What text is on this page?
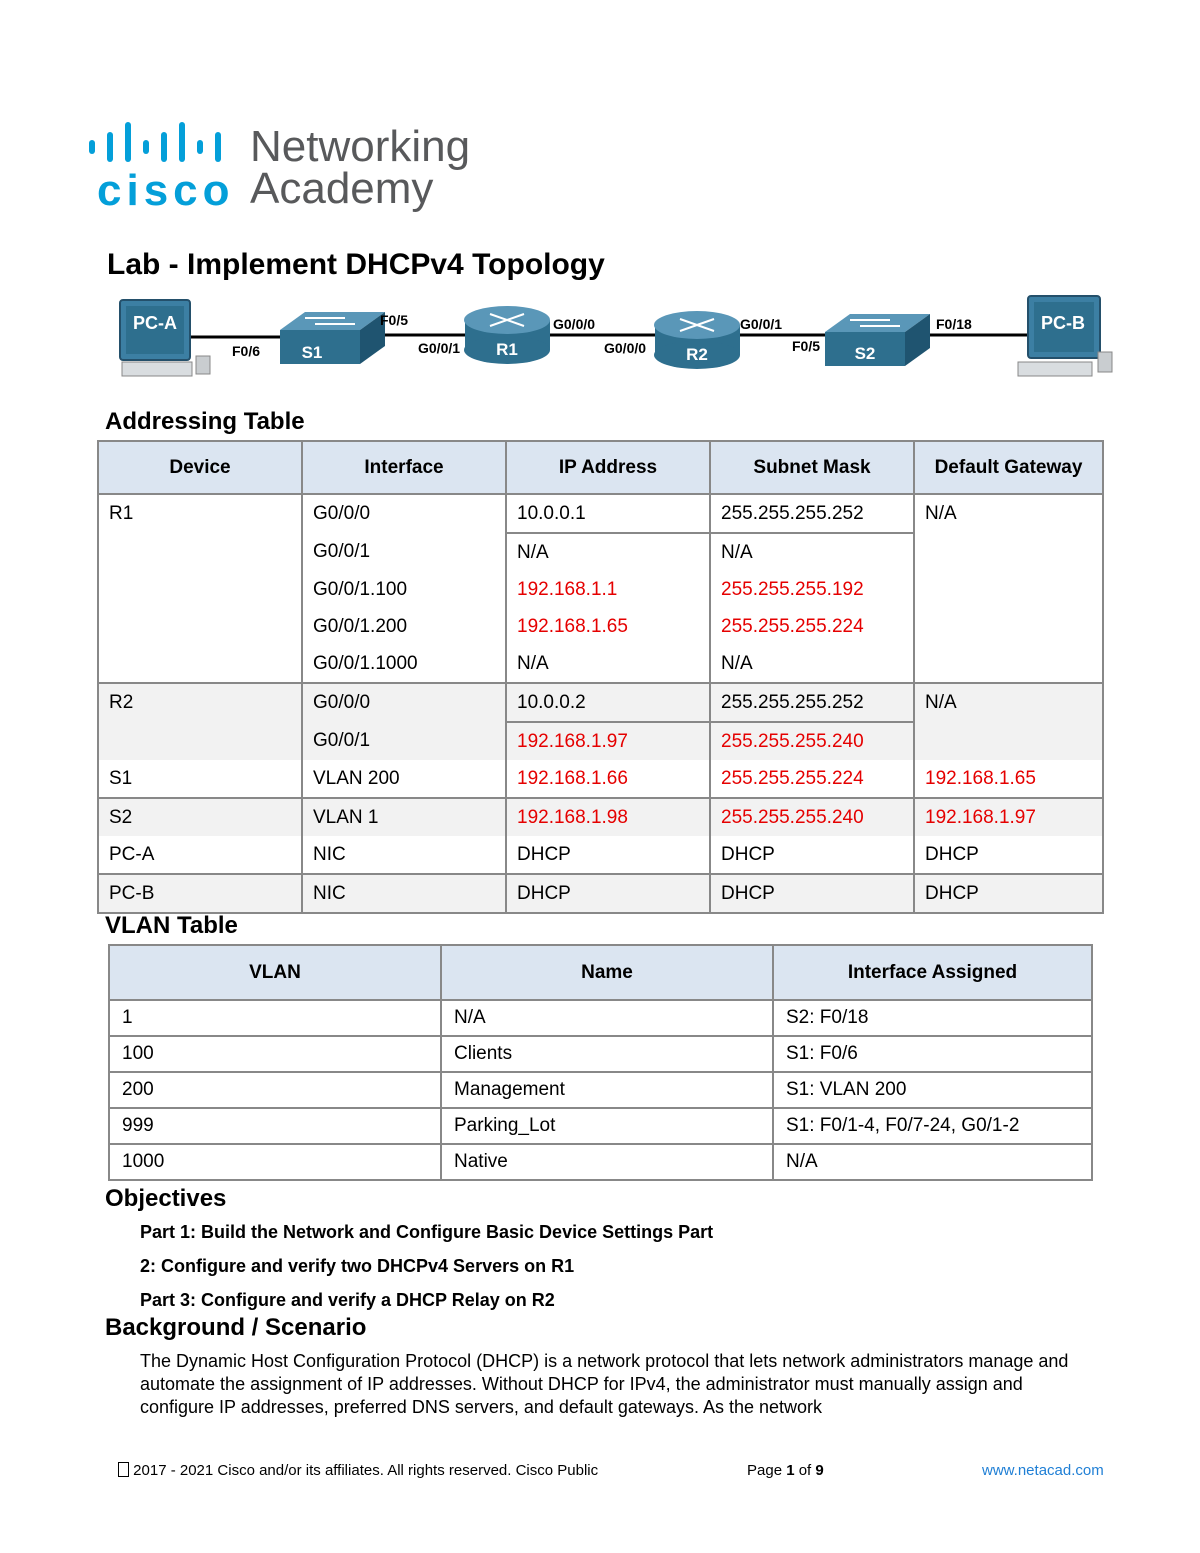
cisco
Networking
Academy
Lab - Implement DHCPv4 Topology
PC-A
S1	R1	R2	S2
PC-B
F0/6
F0/5
G0/0/1
G0/0/0
G0/0/0
G0/0/1
F0/5
F0/18
Addressing Table
Device	Interface	IP Address	Subnet Mask	Default Gateway
R1	G0/0/0	10.0.0.1	255.255.255.252	N/A
	G0/0/1	N/A	N/A	
	G0/0/1.100	192.168.1.1	255.255.255.192	
	G0/0/1.200	192.168.1.65	255.255.255.224	
	G0/0/1.1000	N/A	N/A	
R2	G0/0/0	10.0.0.2	255.255.255.252	N/A
	G0/0/1	192.168.1.97	255.255.255.240	
S1	VLAN 200	192.168.1.66	255.255.255.224	192.168.1.65
S2	VLAN 1	192.168.1.98	255.255.255.240	192.168.1.97
PC-A	NIC	DHCP	DHCP	DHCP
PC-B	NIC	DHCP	DHCP	DHCP
VLAN Table
VLAN	Name	Interface Assigned
1	N/A	S2: F0/18
100	Clients	S1: F0/6
200	Management	S1: VLAN 200
999	Parking_Lot	S1: F0/1-4, F0/7-24, G0/1-2
1000	Native	N/A
Objectives

Part 1: Build the Network and Configure Basic Device Settings Part

2: Configure and verify two DHCPv4 Servers on R1

Part 3: Configure and verify a DHCP Relay on R2

Background / Scenario

The Dynamic Host Configuration Protocol (DHCP) is a network protocol that lets network administrators manage and automate the assignment of IP addresses. Without DHCP for IPv4, the administrator must manually assign and configure IP addresses, preferred DNS servers, and default gateways. As the network

2017 - 2021 Cisco and/or its affiliates. All rights reserved. Cisco Public	Page 1 of 9	www.netacad.com
